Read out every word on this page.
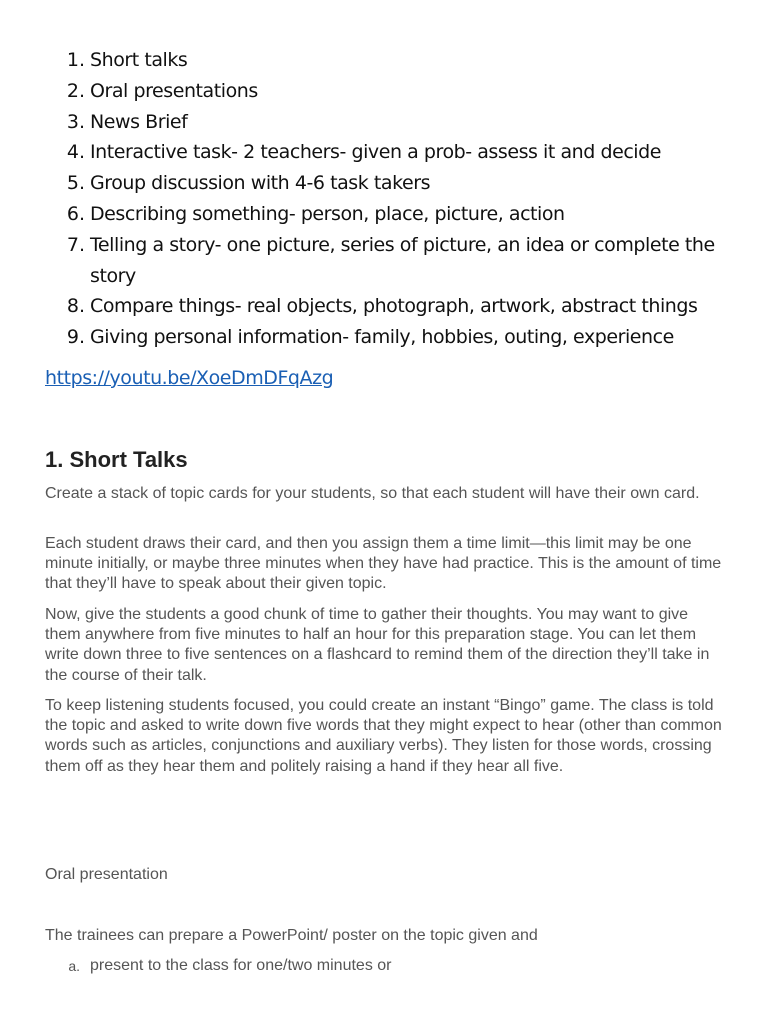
1. Short talks
2. Oral presentations
3. News Brief
4. Interactive task- 2 teachers- given a prob- assess it and decide
5. Group discussion with 4-6 task takers
6. Describing something- person, place, picture, action
7. Telling a story- one picture, series of picture, an idea or complete the story
8. Compare things- real objects, photograph, artwork, abstract things
9. Giving personal information- family, hobbies, outing, experience
https://youtu.be/XoeDmDFqAzg
1. Short Talks

Create a stack of topic cards for your students, so that each student will have their own card.

Each student draws their card, and then you assign them a time limit—this limit may be one minute initially, or maybe three minutes when they have had practice. This is the amount of time that they’ll have to speak about their given topic.

Now, give the students a good chunk of time to gather their thoughts. You may want to give them anywhere from five minutes to half an hour for this preparation stage. You can let them write down three to five sentences on a flashcard to remind them of the direction they’ll take in the course of their talk.

To keep listening students focused, you could create an instant “Bingo” game. The class is told the topic and asked to write down five words that they might expect to hear (other than common words such as articles, conjunctions and auxiliary verbs). They listen for those words, crossing them off as they hear them and politely raising a hand if they hear all five.

Oral presentation

The trainees can prepare a PowerPoint/ poster on the topic given and

a. present to the class for one/two minutes or
